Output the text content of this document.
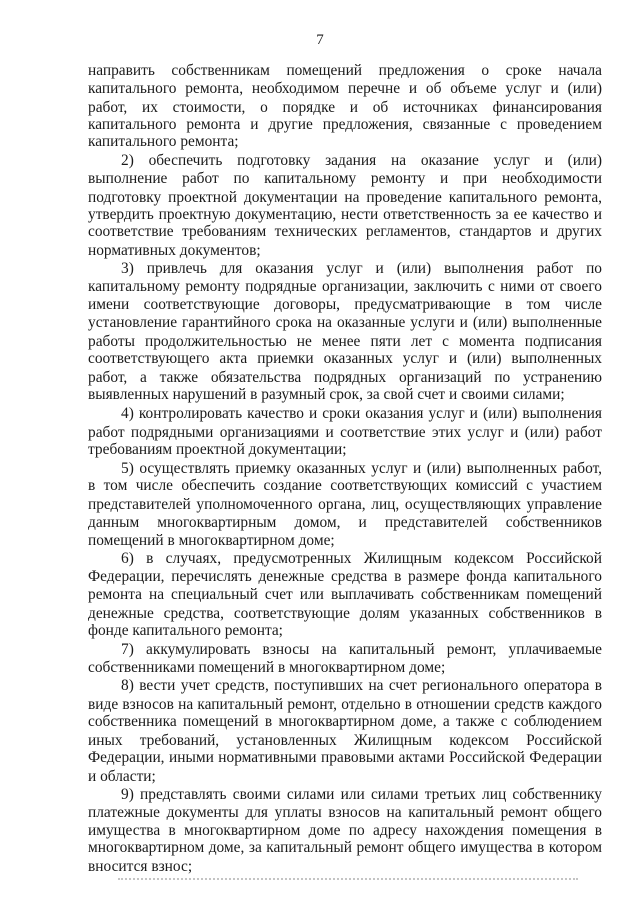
7
направить собственникам помещений предложения о сроке начала
капитального ремонта, необходимом перечне и об объеме услуг и (или)
работ, их стоимости, о порядке и об источниках финансирования
капитального ремонта и другие предложения, связанные с проведением
капитального ремонта;
2) обеспечить подготовку задания на оказание услуг и (или)
выполнение работ по капитальному ремонту и при необходимости
подготовку проектной документации на проведение капитального ремонта,
утвердить проектную документацию, нести ответственность за ее качество и
соответствие требованиям технических регламентов, стандартов и других
нормативных документов;
3) привлечь для оказания услуг и (или) выполнения работ по
капитальному ремонту подрядные организации, заключить с ними от своего
имени соответствующие договоры, предусматривающие в том числе
установление гарантийного срока на оказанные услуги и (или) выполненные
работы продолжительностью не менее пяти лет с момента подписания
соответствующего акта приемки оказанных услуг и (или) выполненных
работ, а также обязательства подрядных организаций по устранению
выявленных нарушений в разумный срок, за свой счет и своими силами;
4) контролировать качество и сроки оказания услуг и (или) выполнения
работ подрядными организациями и соответствие этих услуг и (или) работ
требованиям проектной документации;
5) осуществлять приемку оказанных услуг и (или) выполненных работ,
в том числе обеспечить создание соответствующих комиссий с участием
представителей уполномоченного органа, лиц, осуществляющих управление
данным многоквартирным домом, и представителей собственников
помещений в многоквартирном доме;
6) в случаях, предусмотренных Жилищным кодексом Российской
Федерации, перечислять денежные средства в размере фонда капитального
ремонта на специальный счет или выплачивать собственникам помещений
денежные средства, соответствующие долям указанных собственников в
фонде капитального ремонта;
7) аккумулировать взносы на капитальный ремонт, уплачиваемые
собственниками помещений в многоквартирном доме;
8) вести учет средств, поступивших на счет регионального оператора в
виде взносов на капитальный ремонт, отдельно в отношении средств каждого
собственника помещений в многоквартирном доме, а также с соблюдением
иных требований, установленных Жилищным кодексом Российской
Федерации, иными нормативными правовыми актами Российской Федерации
и области;
9) представлять своими силами или силами третьих лиц собственнику
платежные документы для уплаты взносов на капитальный ремонт общего
имущества в многоквартирном доме по адресу нахождения помещения в
многоквартирном доме, за капитальный ремонт общего имущества в котором
вносится взнос;
